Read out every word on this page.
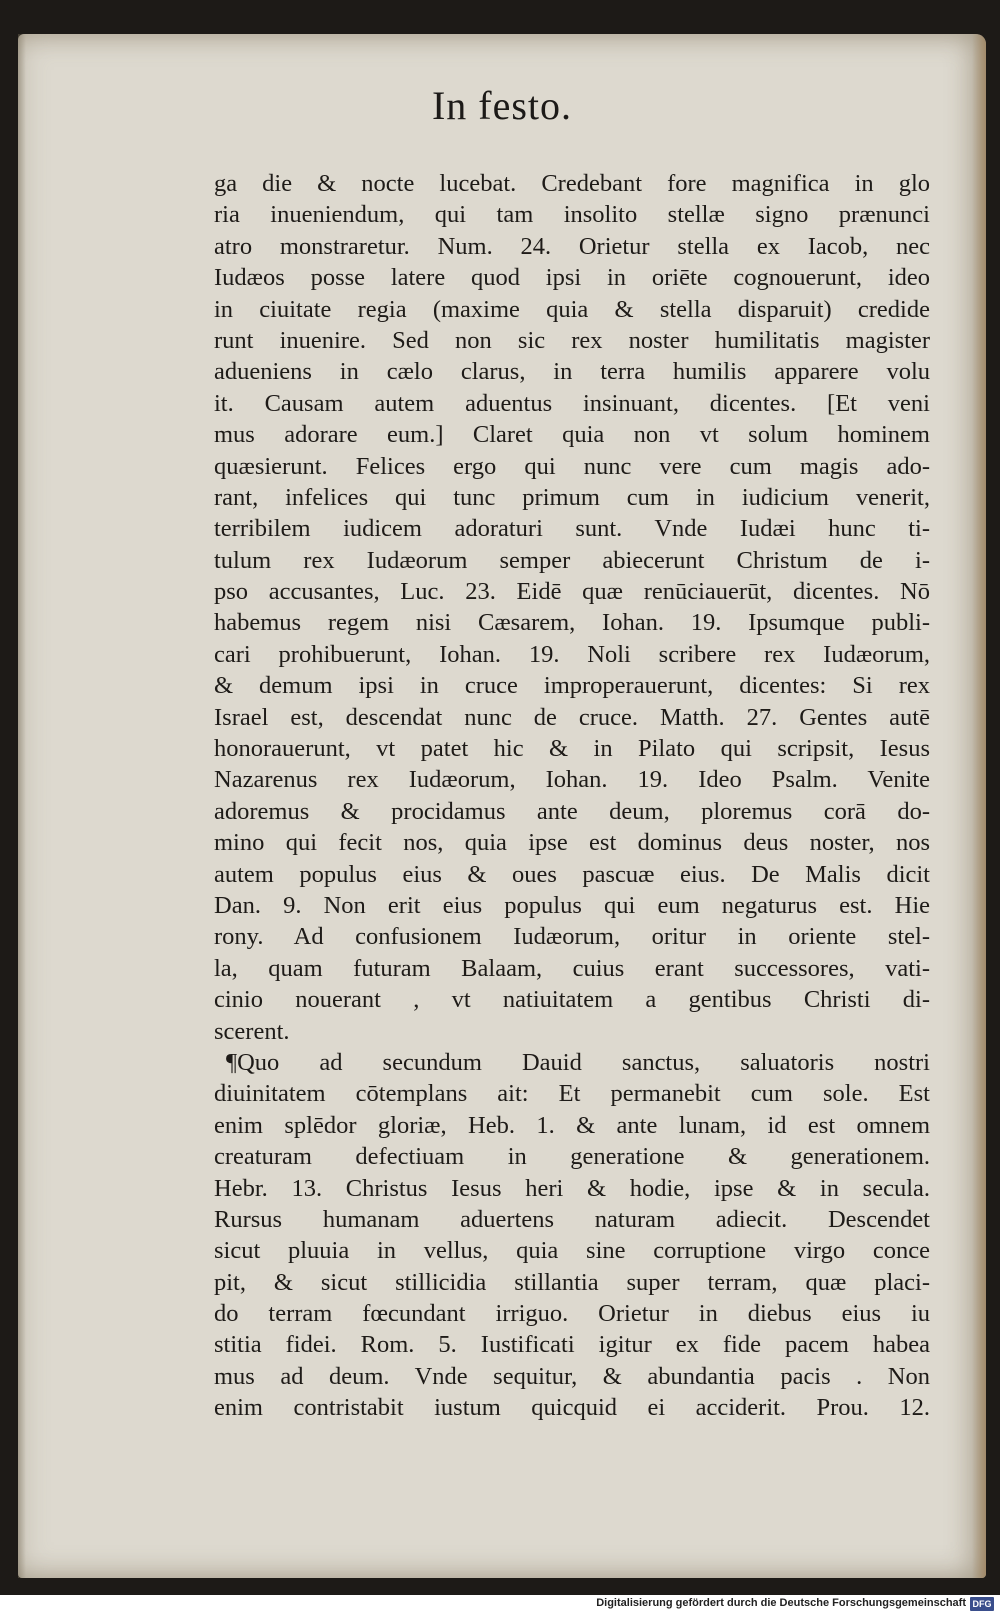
In festo.
ga die & nocte lucebat. Credebant fore magnifica in glo
ria inueniendum, qui tam insolito stellæ signo prænunci
atro monstraretur. Num. 24. Orietur stella ex Iacob, nec
Iudæos posse latere quod ipsi in oriēte cognouerunt, ideo
in ciuitate regia (maxime quia & stella disparuit) credide
runt inuenire. Sed non sic rex noster humilitatis magister
adueniens in cælo clarus, in terra humilis apparere volu
it. Causam autem aduentus insinuant, dicentes. [Et veni
mus adorare eum.] Claret quia non vt solum hominem
quæsierunt. Felices ergo qui nunc vere cum magis ado-
rant, infelices qui tunc primum cum in iudicium venerit,
terribilem iudicem adoraturi sunt. Vnde Iudæi hunc ti-
tulum rex Iudæorum semper abiecerunt Christum de i-
pso accusantes, Luc. 23. Eidē quæ renūciauerūt, dicentes. Nō
habemus regem nisi Cæsarem, Iohan. 19. Ipsumque publi-
cari prohibuerunt, Iohan. 19. Noli scribere rex Iudæorum,
& demum ipsi in cruce improperauerunt, dicentes: Si rex
Israel est, descendat nunc de cruce. Matth. 27. Gentes autē
honorauerunt, vt patet hic & in Pilato qui scripsit, Iesus
Nazarenus rex Iudæorum, Iohan. 19. Ideo Psalm. Venite
adoremus & procidamus ante deum, ploremus corā do-
mino qui fecit nos, quia ipse est dominus deus noster, nos
autem populus eius & oues pascuæ eius. De Malis dicit
Dan. 9. Non erit eius populus qui eum negaturus est. Hie
rony. Ad confusionem Iudæorum, oritur in oriente stel-
la, quam futuram Balaam, cuius erant successores, vati-
cinio nouerant , vt natiuitatem a gentibus Christi di-
scerent.
¶Quo ad secundum Dauid sanctus, saluatoris nostri
diuinitatem cōtemplans ait: Et permanebit cum sole. Est
enim splēdor gloriæ, Heb. 1. & ante lunam, id est omnem
creaturam defectiuam in generatione & generationem.
Hebr. 13. Christus Iesus heri & hodie, ipse & in secula.
Rursus humanam aduertens naturam adiecit. Descendet
sicut pluuia in vellus, quia sine corruptione virgo conce
pit, & sicut stillicidia stillantia super terram, quæ placi-
do terram fœcundant irriguo. Orietur in diebus eius iu
stitia fidei. Rom. 5. Iustificati igitur ex fide pacem habea
mus ad deum. Vnde sequitur, & abundantia pacis . Non
enim contristabit iustum quicquid ei acciderit. Prou. 12.
Digitalisierung gefördert durch die Deutsche Forschungsgemeinschaft DFG
